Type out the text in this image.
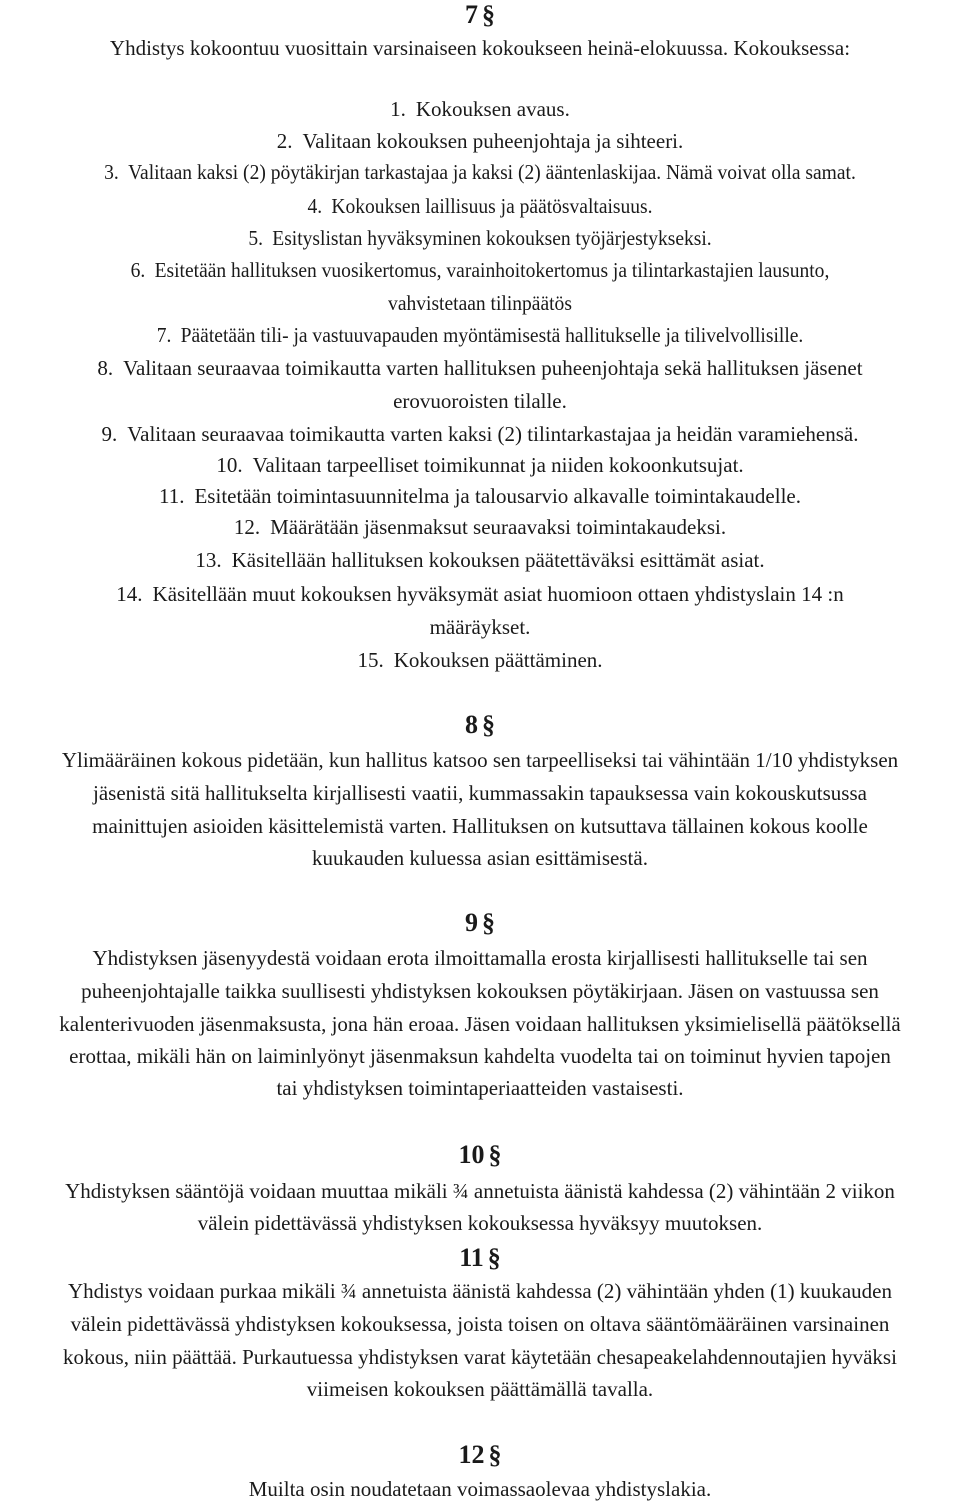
7 §
Yhdistys kokoontuu vuosittain varsinaiseen kokoukseen heinä-elokuussa. Kokouksessa:
1. Kokouksen avaus.
2. Valitaan kokouksen puheenjohtaja ja sihteeri.
3. Valitaan kaksi (2) pöytäkirjan tarkastajaa ja kaksi (2) ääntenlaskijaa. Nämä voivat olla samat.
4. Kokouksen laillisuus ja päätösvaltaisuus.
5. Esityslistan hyväksyminen kokouksen työjärjestykseksi.
6. Esitetään hallituksen vuosikertomus, varainhoitokertomus ja tilintarkastajien lausunto,
vahvistetaan tilinpäätös
7. Päätetään tili- ja vastuuvapauden myöntämisestä hallitukselle ja tilivelvollisille.
8. Valitaan seuraavaa toimikautta varten hallituksen puheenjohtaja sekä hallituksen jäsenet
erovuoroisten tilalle.
9. Valitaan seuraavaa toimikautta varten kaksi (2) tilintarkastajaa ja heidän varamiehensä.
10. Valitaan tarpeelliset toimikunnat ja niiden kokoonkutsujat.
11. Esitetään toimintasuunnitelma ja talousarvio alkavalle toimintakaudelle.
12. Määrätään jäsenmaksut seuraavaksi toimintakaudeksi.
13. Käsitellään hallituksen kokouksen päätettäväksi esittämät asiat.
14. Käsitellään muut kokouksen hyväksymät asiat huomioon ottaen yhdistyslain 14 :n
määräykset.
15. Kokouksen päättäminen.
8 §
Ylimääräinen kokous pidetään, kun hallitus katsoo sen tarpeelliseksi tai vähintään 1/10 yhdistyksen
jäsenistä sitä hallitukselta kirjallisesti vaatii, kummassakin tapauksessa vain kokouskutsussa
mainittujen asioiden käsittelemistä varten. Hallituksen on kutsuttava tällainen kokous koolle
kuukauden kuluessa asian esittämisestä.
9 §
Yhdistyksen jäsenyydestä voidaan erota ilmoittamalla erosta kirjallisesti hallitukselle tai sen
puheenjohtajalle taikka suullisesti yhdistyksen kokouksen pöytäkirjaan. Jäsen on vastuussa sen
kalenterivuoden jäsenmaksusta, jona hän eroaa. Jäsen voidaan hallituksen yksimielisellä päätöksellä
erottaa, mikäli hän on laiminlyönyt jäsenmaksun kahdelta vuodelta tai on toiminut hyvien tapojen
tai yhdistyksen toimintaperiaatteiden vastaisesti.
10 §
Yhdistyksen sääntöjä voidaan muuttaa mikäli ¾ annetuista äänistä kahdessa (2) vähintään 2 viikon
välein pidettävässä yhdistyksen kokouksessa hyväksyy muutoksen.
11 §
Yhdistys voidaan purkaa mikäli ¾ annetuista äänistä kahdessa (2) vähintään yhden (1) kuukauden
välein pidettävässä yhdistyksen kokouksessa, joista toisen on oltava sääntömääräinen varsinainen
kokous, niin päättää. Purkautuessa yhdistyksen varat käytetään chesapeakelahdennoutajien hyväksi
viimeisen kokouksen päättämällä tavalla.
12 §
Muilta osin noudatetaan voimassaolevaa yhdistyslakia.
